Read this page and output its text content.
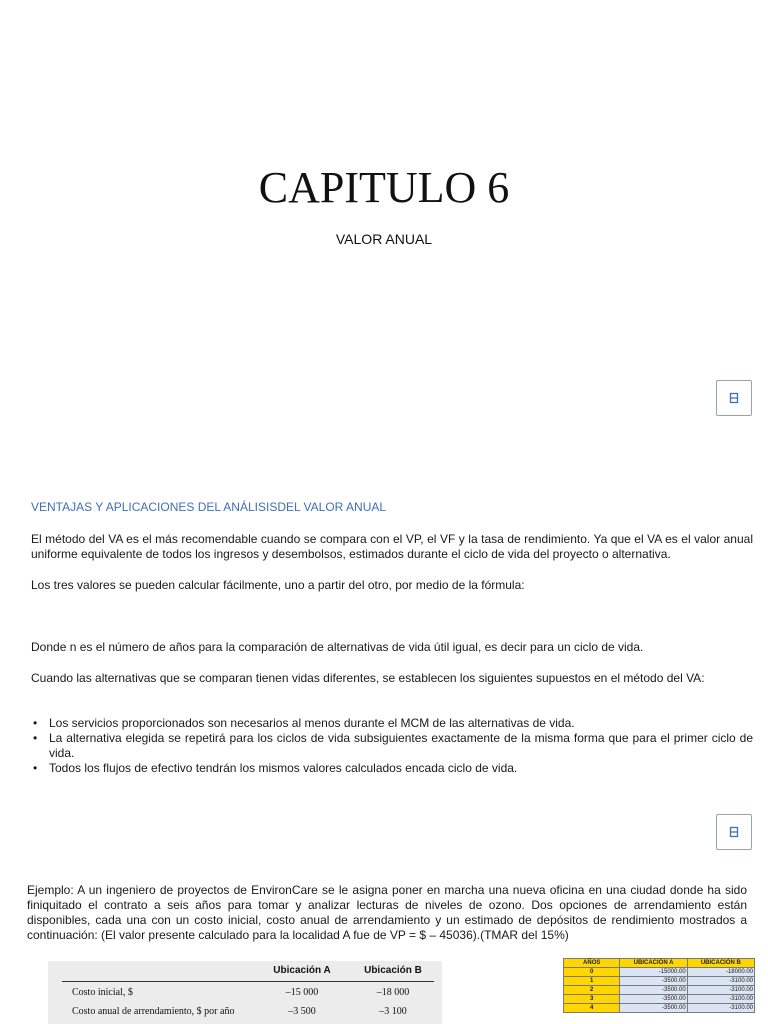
CAPITULO 6
VALOR ANUAL
VENTAJAS Y APLICACIONES DEL ANÁLISISDEL VALOR ANUAL
El método del VA es el más recomendable cuando se compara con el VP, el VF y la tasa de rendimiento. Ya que el VA es el valor anual uniforme equivalente de todos los ingresos y desembolsos, estimados durante el ciclo de vida del proyecto o alternativa.
Los tres valores se pueden calcular fácilmente, uno a partir del otro, por medio de la fórmula:
Donde n es el número de años para la comparación de alternativas de vida útil igual, es decir para un ciclo de vida.
Cuando las alternativas que se comparan tienen vidas diferentes, se establecen los siguientes supuestos en el método del VA:
• Los servicios proporcionados son necesarios al menos durante el MCM de las alternativas de vida.
• La alternativa elegida se repetirá para los ciclos de vida subsiguientes exactamente de la misma forma que para el primer ciclo de vida.
• Todos los flujos de efectivo tendrán los mismos valores calculados encada ciclo de vida.
Ejemplo: A un ingeniero de proyectos de EnvironCare se le asigna poner en marcha una nueva oficina en una ciudad donde ha sido finiquitado el contrato a seis años para tomar y analizar lecturas de niveles de ozono. Dos opciones de arrendamiento están disponibles, cada una con un costo inicial, costo anual de arrendamiento y un estimado de depósitos de rendimiento mostrados a continuación: (El valor presente calculado para la localidad A fue de VP = $ – 45036).(TMAR del 15%)
	Ubicación A	Ubicación B
Costo inicial, $	–15 000	–18 000
Costo anual de arrendamiento, $ por año	–3 500	–3 100
AÑOS	UBICACIÓN A	UBICACIÓN B
0	-15000.00	-18000.00
1	-3500.00	-3100.00
2	-3500.00	-3100.00
3	-3500.00	-3100.00
4	-3500.00	-3100.00
